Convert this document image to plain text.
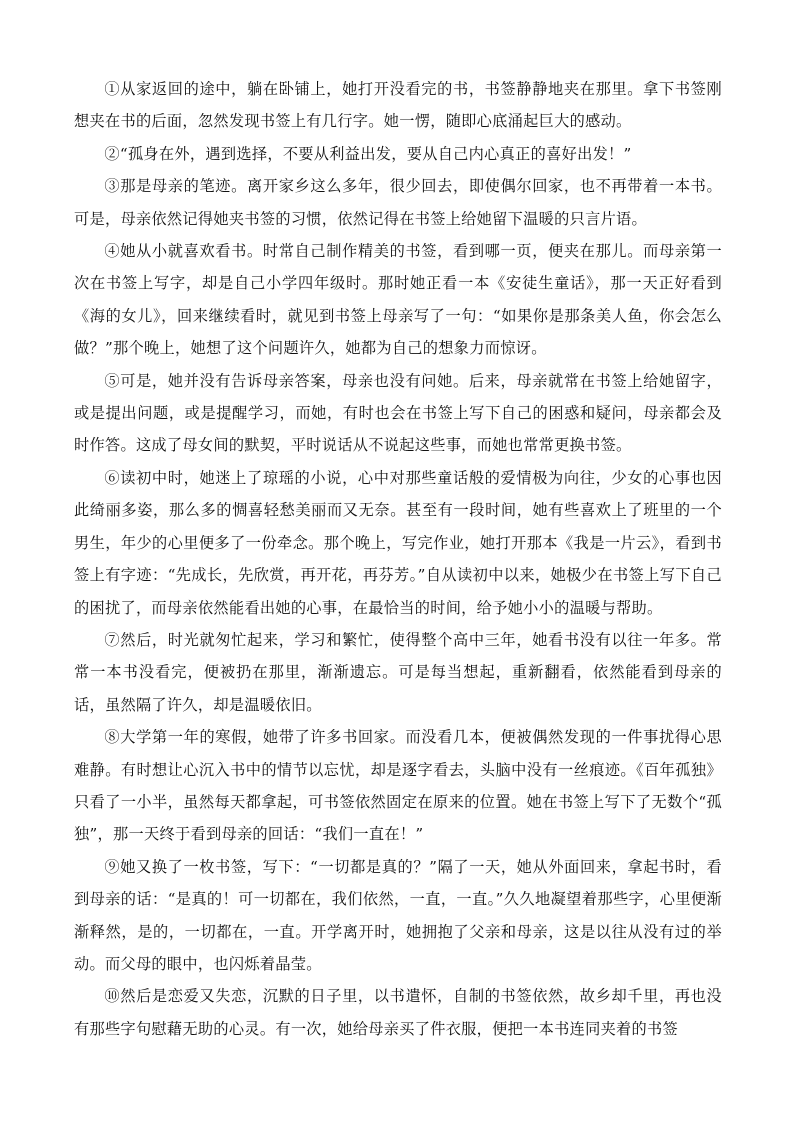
①从家返回的途中，躺在卧铺上，她打开没看完的书，书签静静地夹在那里。拿下书签刚想夹在书的后面，忽然发现书签上有几行字。她一愣，随即心底涌起巨大的感动。

②“孤身在外，遇到选择，不要从利益出发，要从自己内心真正的喜好出发！”

③那是母亲的笔迹。离开家乡这么多年，很少回去，即使偶尔回家，也不再带着一本书。可是，母亲依然记得她夹书签的习惯，依然记得在书签上给她留下温暖的只言片语。

④她从小就喜欢看书。时常自己制作精美的书签，看到哪一页，便夹在那儿。而母亲第一次在书签上写字，却是自己小学四年级时。那时她正看一本《安徒生童话》，那一天正好看到《海的女儿》，回来继续看时，就见到书签上母亲写了一句：“如果你是那条美人鱼，你会怎么做？”那个晚上，她想了这个问题许久，她都为自己的想象力而惊讶。

⑤可是，她并没有告诉母亲答案，母亲也没有问她。后来，母亲就常在书签上给她留字，或是提出问题，或是提醒学习，而她，有时也会在书签上写下自己的困惑和疑问，母亲都会及时作答。这成了母女间的默契，平时说话从不说起这些事，而她也常常更换书签。

⑥读初中时，她迷上了琼瑶的小说，心中对那些童话般的爱情极为向往，少女的心事也因此绮丽多姿，那么多的惆喜轻愁美丽而又无奈。甚至有一段时间，她有些喜欢上了班里的一个男生，年少的心里便多了一份牵念。那个晚上，写完作业，她打开那本《我是一片云》，看到书签上有字迹：“先成长，先欣赏，再开花，再芬芳。”自从读初中以来，她极少在书签上写下自己的困扰了，而母亲依然能看出她的心事，在最恰当的时间，给予她小小的温暖与帮助。

⑦然后，时光就匆忙起来，学习和繁忙，使得整个高中三年，她看书没有以往一年多。常常一本书没看完，便被扔在那里，渐渐遗忘。可是每当想起，重新翻看，依然能看到母亲的话，虽然隔了许久，却是温暖依旧。

⑧大学第一年的寒假，她带了许多书回家。而没看几本，便被偶然发现的一件事扰得心思难静。有时想让心沉入书中的情节以忘忧，却是逐字看去，头脑中没有一丝痕迹。《百年孤独》只看了一小半，虽然每天都拿起，可书签依然固定在原来的位置。她在书签上写下了无数个“孤独”，那一天终于看到母亲的回话：“我们一直在！”

⑨她又换了一枚书签，写下：“一切都是真的？”隔了一天，她从外面回来，拿起书时，看到母亲的话：“是真的！可一切都在，我们依然，一直，一直。”久久地凝望着那些字，心里便渐渐释然，是的，一切都在，一直。开学离开时，她拥抱了父亲和母亲，这是以往从没有过的举动。而父母的眼中，也闪烁着晶莹。

⑩然后是恋爱又失恋，沉默的日子里，以书遣怀，自制的书签依然，故乡却千里，再也没有那些字句慰藉无助的心灵。有一次，她给母亲买了件衣服，便把一本书连同夹着的书签
